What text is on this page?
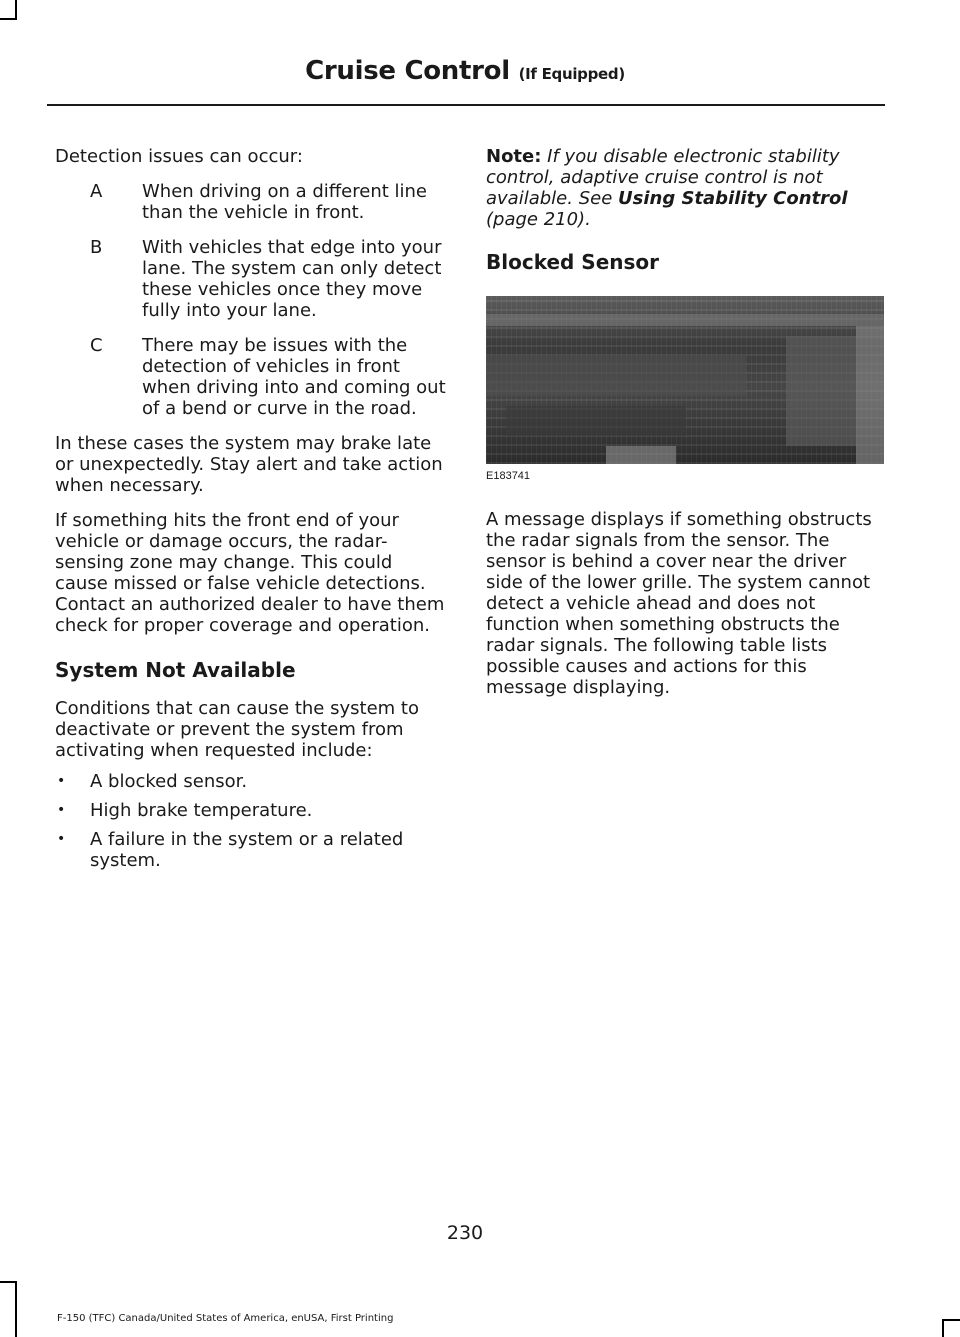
Cruise Control (If Equipped)

Detection issues can occur:

A	When driving on a different line than the vehicle in front.
B	With vehicles that edge into your lane. The system can only detect these vehicles once they move fully into your lane.
C	There may be issues with the detection of vehicles in front when driving into and coming out of a bend or curve in the road.

In these cases the system may brake late or unexpectedly. Stay alert and take action when necessary.

If something hits the front end of your vehicle or damage occurs, the radar-sensing zone may change. This could cause missed or false vehicle detections. Contact an authorized dealer to have them check for proper coverage and operation.

System Not Available

Conditions that can cause the system to deactivate or prevent the system from activating when requested include:

•	A blocked sensor.
•	High brake temperature.
•	A failure in the system or a related system.

Note: If you disable electronic stability control, adaptive cruise control is not available. See Using Stability Control (page 210).

Blocked Sensor
E183741

A message displays if something obstructs the radar signals from the sensor. The sensor is behind a cover near the driver side of the lower grille. The system cannot detect a vehicle ahead and does not function when something obstructs the radar signals. The following table lists possible causes and actions for this message displaying.

230
F-150 (TFC) Canada/United States of America, enUSA, First Printing
